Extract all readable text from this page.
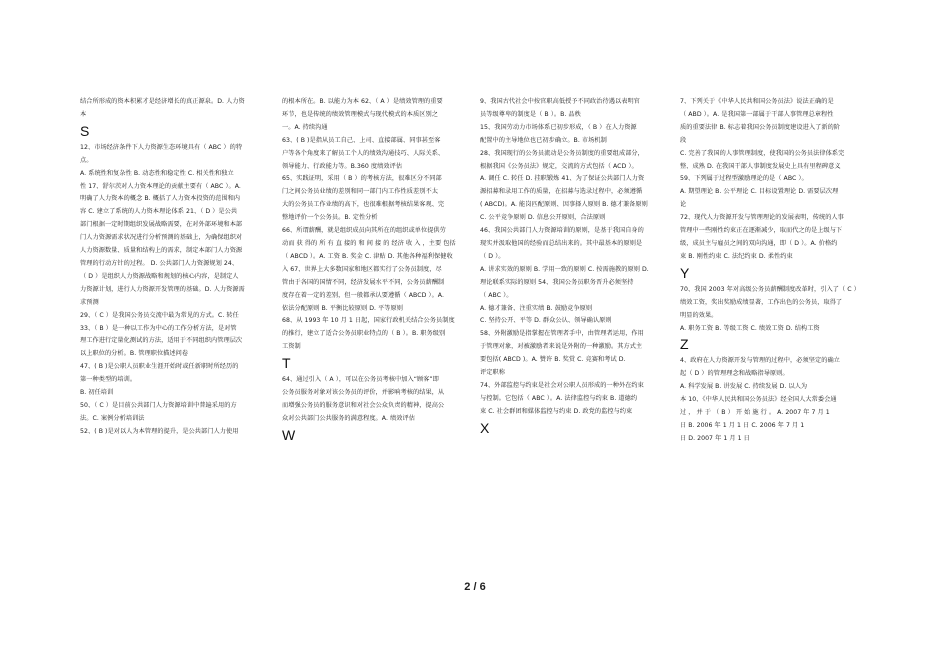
结合所形成的资本积累才是经济增长的真正源泉。D. 人力资

本

S

12、市场经济条件下人力资源生态环境具有（ ABC ）的特

点。

A. 系统性和复杂性 B. 动态性和稳定性 C. 相关性和独立

性 17、舒尔茨对人力资本理论的贡献主要有（ ABC ）。A.

明确了人力资本的概念 B. 概括了人力资本投资的范围和内

容 C. 建立了系统的人力资本理论体系 21、（ D ）是公共

部门根据一定时期组织发展战略需要，在对外部环境和本部

门人力资源需求状况进行分析预测的基础上，为确保组织对

人力资源数量、质量和结构上的需求，制定本部门人力资源

管理的行动方针的过程。 D. 公共部门人力资源规划 24、

（ D ）是组织人力资源战略和规划的核心内容，是制定人

力资源计划，进行人力资源开发管理的基础。D. 人力资源需

求预测

29、（ C ）是我国公务员交流中最为常见的方式。C. 转任

33、（ B ）是一种以工作为中心的工作分析方法，是对管

理工作进行定量化测试的方法，适用于不同组织内管理层次

以上职位的分析。B. 管理职位描述问卷

47、( B )是公职人员职业生涯开始时或任新职时所经历的

第一种类型的培训。

B. 初任培训

50、（ C ）是目前公共部门人力资源培训中普遍采用的方

法。C. 案例分析培训法

52、( B )是对以人为本管理的提升，是公共部门人力使用

的根本所在。B. 以能力为本 62、（ A ）是绩效管理的重要

环节，也是传统的绩效管理模式与现代模式的本质区别之

一。A. 持续沟通

63、( B )是指从员工自己、上司、直接部属、同事甚至客

户等各个角度来了解员工个人的绩效沟通技巧、人际关系、

领导能力、行政能力等。B.360 度绩效评估

65、实践证明，采用（ B ）的考核方法，很难区分不同部

门之间公务员业绩的差别和同一部门内工作性质差别不太

大的公务员工作业绩的高下，也很难根据考核结果客观、完

整地评价一个公务员。B. 定性分析

66、所谓薪酬，就是组织成员向其所在的组织或单位提供劳

动而 获 得的 所 有 直 接的 和 间 接 的 经济 收 入 ，主要 包括

（ ABCD ）。A. 工资 B. 奖金 C. 津贴 D. 其他各种福利保健收

入 67、世界上大多数国家和地区都实行了公务员制度，尽

管由于各国的国情不同，经济发展水平不同，公务员薪酬制

度存在着一定的差别，但一般都承认要遵循（ ABCD ）。A.

依法分配原则 B. 平衡比较原则 D. 平等原则

68、从 1993 年 10 月 1 日起，国家行政机关结合公务员制度

的推行，建立了适合公务员职业特点的（ B ）。B. 职务级别

工资制

T

64、通过引入（ A ），可以在公务员考核中加入“顾客”即

公务员服务对象对该公务员的评价，并影响考核的结果，从

而增强公务员的服务意识和对社会公众负责的精神，提高公

众对公共部门公共服务的满意程度。A. 绩效评估

W

9、我国古代社会中按官职高低授予不同政治待遇以表明官

员等级尊卑的制度是（ B ）。B. 品秩

15、我国劳动力市场体系已初步形成，（ B ）在人力资源

配置中的主导地位也已初步确立。B. 市场机制

28、我国现行的公务员流动是公务员制度的重要组成部分，

根据我国《公务员法》规定，交流的方式包括（ ACD ）。

A. 调任 C. 转任 D. 挂职锻炼 41、为了保证公共部门人力资

源招募和录用工作的质量，在招募与选录过程中，必须遵循

( ABCD)。A. 能岗匹配原则、因事择人原则 B. 德才兼备原则

C. 公平竞争原则 D. 信息公开原则，合法原则

46、我国公共部门人力资源培训的原则，是基于我国自身的

现实并汲取他国的经验而总结出来的。其中最基本的原则是

（ D ）。

A. 讲求实效的原则 B. 学用一致的原则 C. 按需施教的原则 D.

理论联系实际的原则 54、我国公务员职务晋升必须坚持

（ ABC ）。

A. 德才兼备、注重实绩 B. 鼓励竞争原则

C. 坚持公开、平等 D. 群众公认、领导确认原则

58、外附激励是指掌握在管理者手中，由管理者运用，作用

于管理对象，对被激励者来说是外附的一种激励。其方式主

要包括( ABCD )。A. 赞许 B. 奖赏 C. 竞赛和考试 D.

评定职称

74、外部监控与约束是社会对公职人员形成的一种外在约束

与控制。它包括（ ABC ）。A. 法律监控与约束 B. 道德约

束 C. 社会群团和媒体监控与约束 D. 政党的监控与约束

X

7、下列关于《中华人民共和国公务员法》说法正确的是

（ ABD ）。A. 是我国第一部属于干部人事管理总章程性

质的重要法律 B. 标志着我国公务员制度建设进入了新的阶

段

C. 完善了我国的人事管理制度，使我国的公务员法律体系完

整、成熟 D. 在我国干部人事制度发展史上具有里程碑意义

59、下列属于过程型激励理论的是（ ABC ）。

A. 期望理论 B. 公平理论 C. 目标设置理论 D. 需要层次理

论

72、现代人力资源开发与管理理论的发展表明，传统的人事

管理中一些刚性约束正在逐渐减少，取而代之的是上级与下

级，成员主与雇员之间的双向沟通，即（ D ）。A. 价格约

束 B. 刚性约束 C. 法纪约束 D. 柔性约束

Y

70、我国 2003 年对高级公务员薪酬制度改革时，引入了（ C ）

绩效工资，奖出奖励成绩显著，工作出色的公务员，取得了

明显的效果。

A. 职务工资 B. 等级工资 C. 绩效工资 D. 结构工资

Z

4、政府在人力资源开发与管理的过程中，必须坚定的确立

起（ D ）的管理理念和战略指导原则。

A. 科学发展 B. 讲发展 C. 持续发展 D. 以人为

本 10、《中华人民共和国公务员法》经全国人大常委会通

过 ， 并 于 （ B ） 开 始 施 行 。 A. 2007 年 7 月 1

日 B. 2006 年 1 月 1 日 C. 2006 年 7 月 1

日 D. 2007 年 1 月 1 日

2 / 6
